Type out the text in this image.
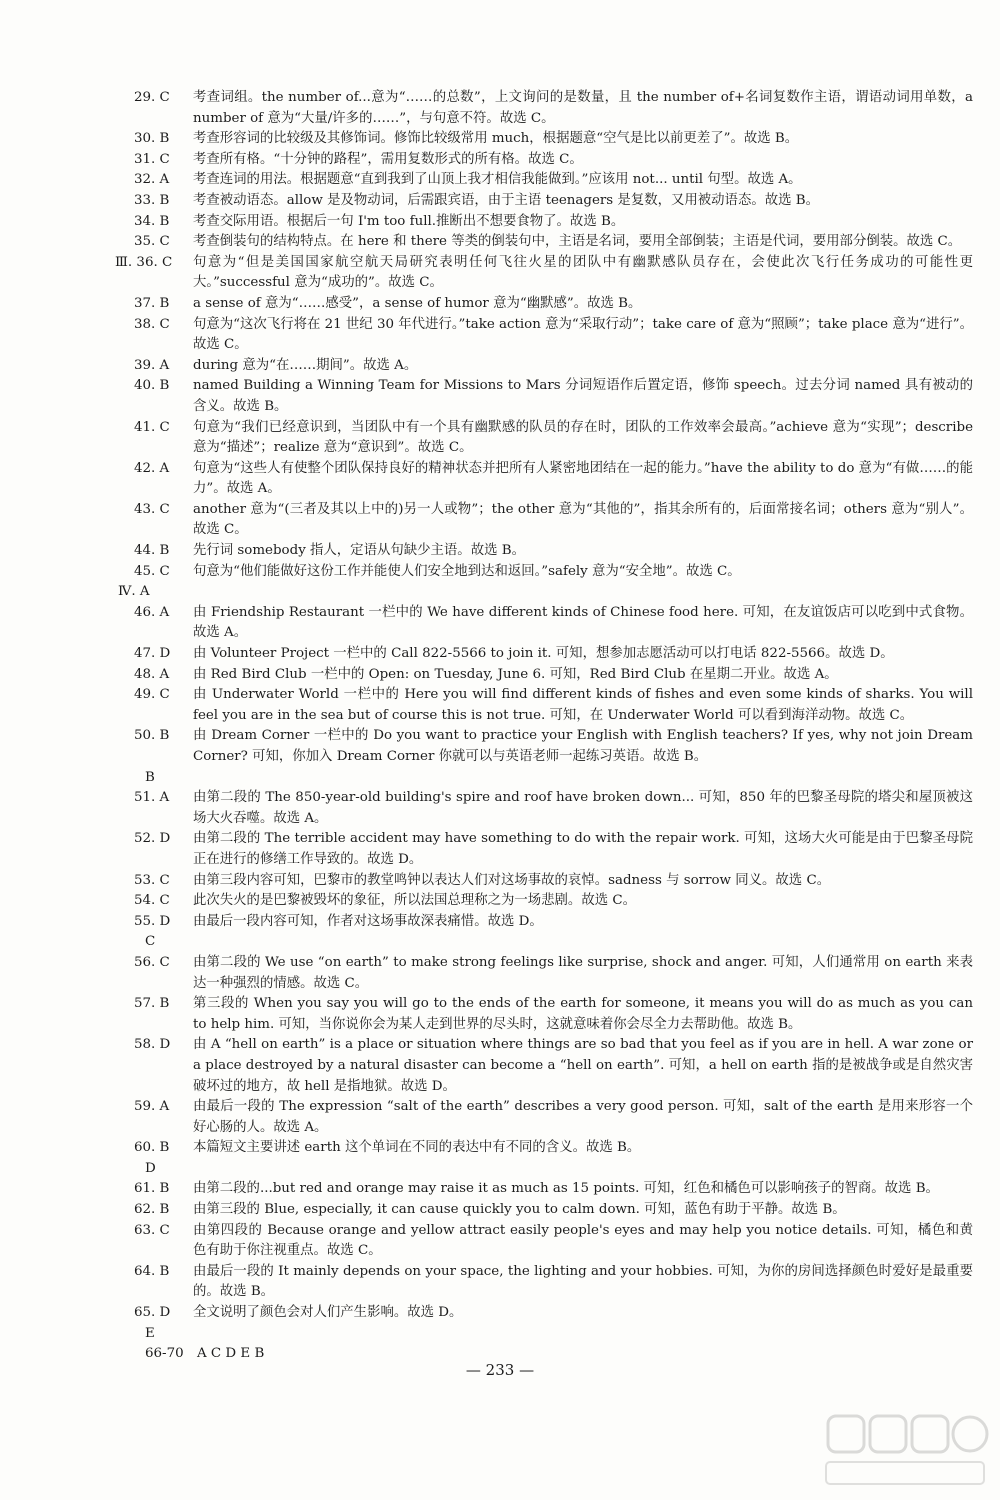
29. C 考查词组。the number of...意为“……的总数”，上文询问的是数量，且 the number of+名词复数作主语，谓语动词用单数，a number of 意为“大量/许多的……”，与句意不符。故选 C。
30. B 考查形容词的比较级及其修饰词。修饰比较级常用 much，根据题意“空气是比以前更差了”。故选 B。
31. C 考查所有格。“十分钟的路程”，需用复数形式的所有格。故选 C。
32. A 考查连词的用法。根据题意“直到我到了山顶上我才相信我能做到。”应该用 not... until 句型。故选 A。
33. B 考查被动语态。allow 是及物动词，后需跟宾语，由于主语 teenagers 是复数，又用被动语态。故选 B。
34. B 考查交际用语。根据后一句 I'm too full.推断出不想要食物了。故选 B。
35. C 考查倒装句的结构特点。在 here 和 there 等类的倒装句中，主语是名词，要用全部倒装；主语是代词，要用部分倒装。故选 C。
Ⅲ. 36. C 句意为“但是美国国家航空航天局研究表明任何飞往火星的团队中有幽默感队员存在，会使此次飞行任务成功的可能性更大。”successful 意为“成功的”。故选 C。
37. B a sense of 意为“……感受”，a sense of humor 意为“幽默感”。故选 B。
38. C 句意为“这次飞行将在 21 世纪 30 年代进行。”take action 意为“采取行动”；take care of 意为“照顾”；take place 意为“进行”。故选 C。
39. A during 意为“在……期间”。故选 A。
40. B named Building a Winning Team for Missions to Mars 分词短语作后置定语，修饰 speech。过去分词 named 具有被动的含义。故选 B。
41. C 句意为“我们已经意识到，当团队中有一个具有幽默感的队员的存在时，团队的工作效率会最高。”achieve 意为“实现”；describe 意为“描述”；realize 意为“意识到”。故选 C。
42. A 句意为“这些人有使整个团队保持良好的精神状态并把所有人紧密地团结在一起的能力。”have the ability to do 意为“有做……的能力”。故选 A。
43. C another 意为“(三者及其以上中的)另一人或物”；the other 意为“其他的”，指其余所有的，后面常接名词；others 意为“别人”。故选 C。
44. B 先行词 somebody 指人，定语从句缺少主语。故选 B。
45. C 句意为“他们能做好这份工作并能使人们安全地到达和返回。”safely 意为“安全地”。故选 C。
Ⅳ. A
46. A 由 Friendship Restaurant 一栏中的 We have different kinds of Chinese food here. 可知，在友谊饭店可以吃到中式食物。故选 A。
47. D 由 Volunteer Project 一栏中的 Call 822-5566 to join it. 可知，想参加志愿活动可以打电话 822-5566。故选 D。
48. A 由 Red Bird Club 一栏中的 Open: on Tuesday, June 6. 可知，Red Bird Club 在星期二开业。故选 A。
49. C 由 Underwater World 一栏中的 Here you will find different kinds of fishes and even some kinds of sharks. You will feel you are in the sea but of course this is not true. 可知，在 Underwater World 可以看到海洋动物。故选 C。
50. B 由 Dream Corner 一栏中的 Do you want to practice your English with English teachers? If yes, why not join Dream Corner? 可知，你加入 Dream Corner 你就可以与英语老师一起练习英语。故选 B。
B
51. A 由第二段的 The 850-year-old building's spire and roof have broken down... 可知，850 年的巴黎圣母院的塔尖和屋顶被这场大火吞噬。故选 A。
52. D 由第二段的 The terrible accident may have something to do with the repair work. 可知，这场大火可能是由于巴黎圣母院正在进行的修缮工作导致的。故选 D。
53. C 由第三段内容可知，巴黎市的教堂鸣钟以表达人们对这场事故的哀悼。sadness 与 sorrow 同义。故选 C。
54. C 此次失火的是巴黎被毁坏的象征，所以法国总理称之为一场悲剧。故选 C。
55. D 由最后一段内容可知，作者对这场事故深表痛惜。故选 D。
C
56. C 由第二段的 We use “on earth” to make strong feelings like surprise, shock and anger. 可知，人们通常用 on earth 来表达一种强烈的情感。故选 C。
57. B 第三段的 When you say you will go to the ends of the earth for someone, it means you will do as much as you can to help him. 可知，当你说你会为某人走到世界的尽头时，这就意味着你会尽全力去帮助他。故选 B。
58. D 由 A “hell on earth” is a place or situation where things are so bad that you feel as if you are in hell. A war zone or a place destroyed by a natural disaster can become a “hell on earth”. 可知，a hell on earth 指的是被战争或是自然灾害破坏过的地方，故 hell 是指地狱。故选 D。
59. A 由最后一段的 The expression “salt of the earth” describes a very good person. 可知，salt of the earth 是用来形容一个好心肠的人。故选 A。
60. B 本篇短文主要讲述 earth 这个单词在不同的表达中有不同的含义。故选 B。
D
61. B 由第二段的...but red and orange may raise it as much as 15 points. 可知，红色和橘色可以影响孩子的智商。故选 B。
62. B 由第三段的 Blue, especially, it can cause quickly you to calm down. 可知，蓝色有助于平静。故选 B。
63. C 由第四段的 Because orange and yellow attract easily people's eyes and may help you notice details. 可知，橘色和黄色有助于你注视重点。故选 C。
64. B 由最后一段的 It mainly depends on your space, the lighting and your hobbies. 可知，为你的房间选择颜色时爱好是最重要的。故选 B。
65. D 全文说明了颜色会对人们产生影响。故选 D。
E
66-70　A C D E B
— 233 —
